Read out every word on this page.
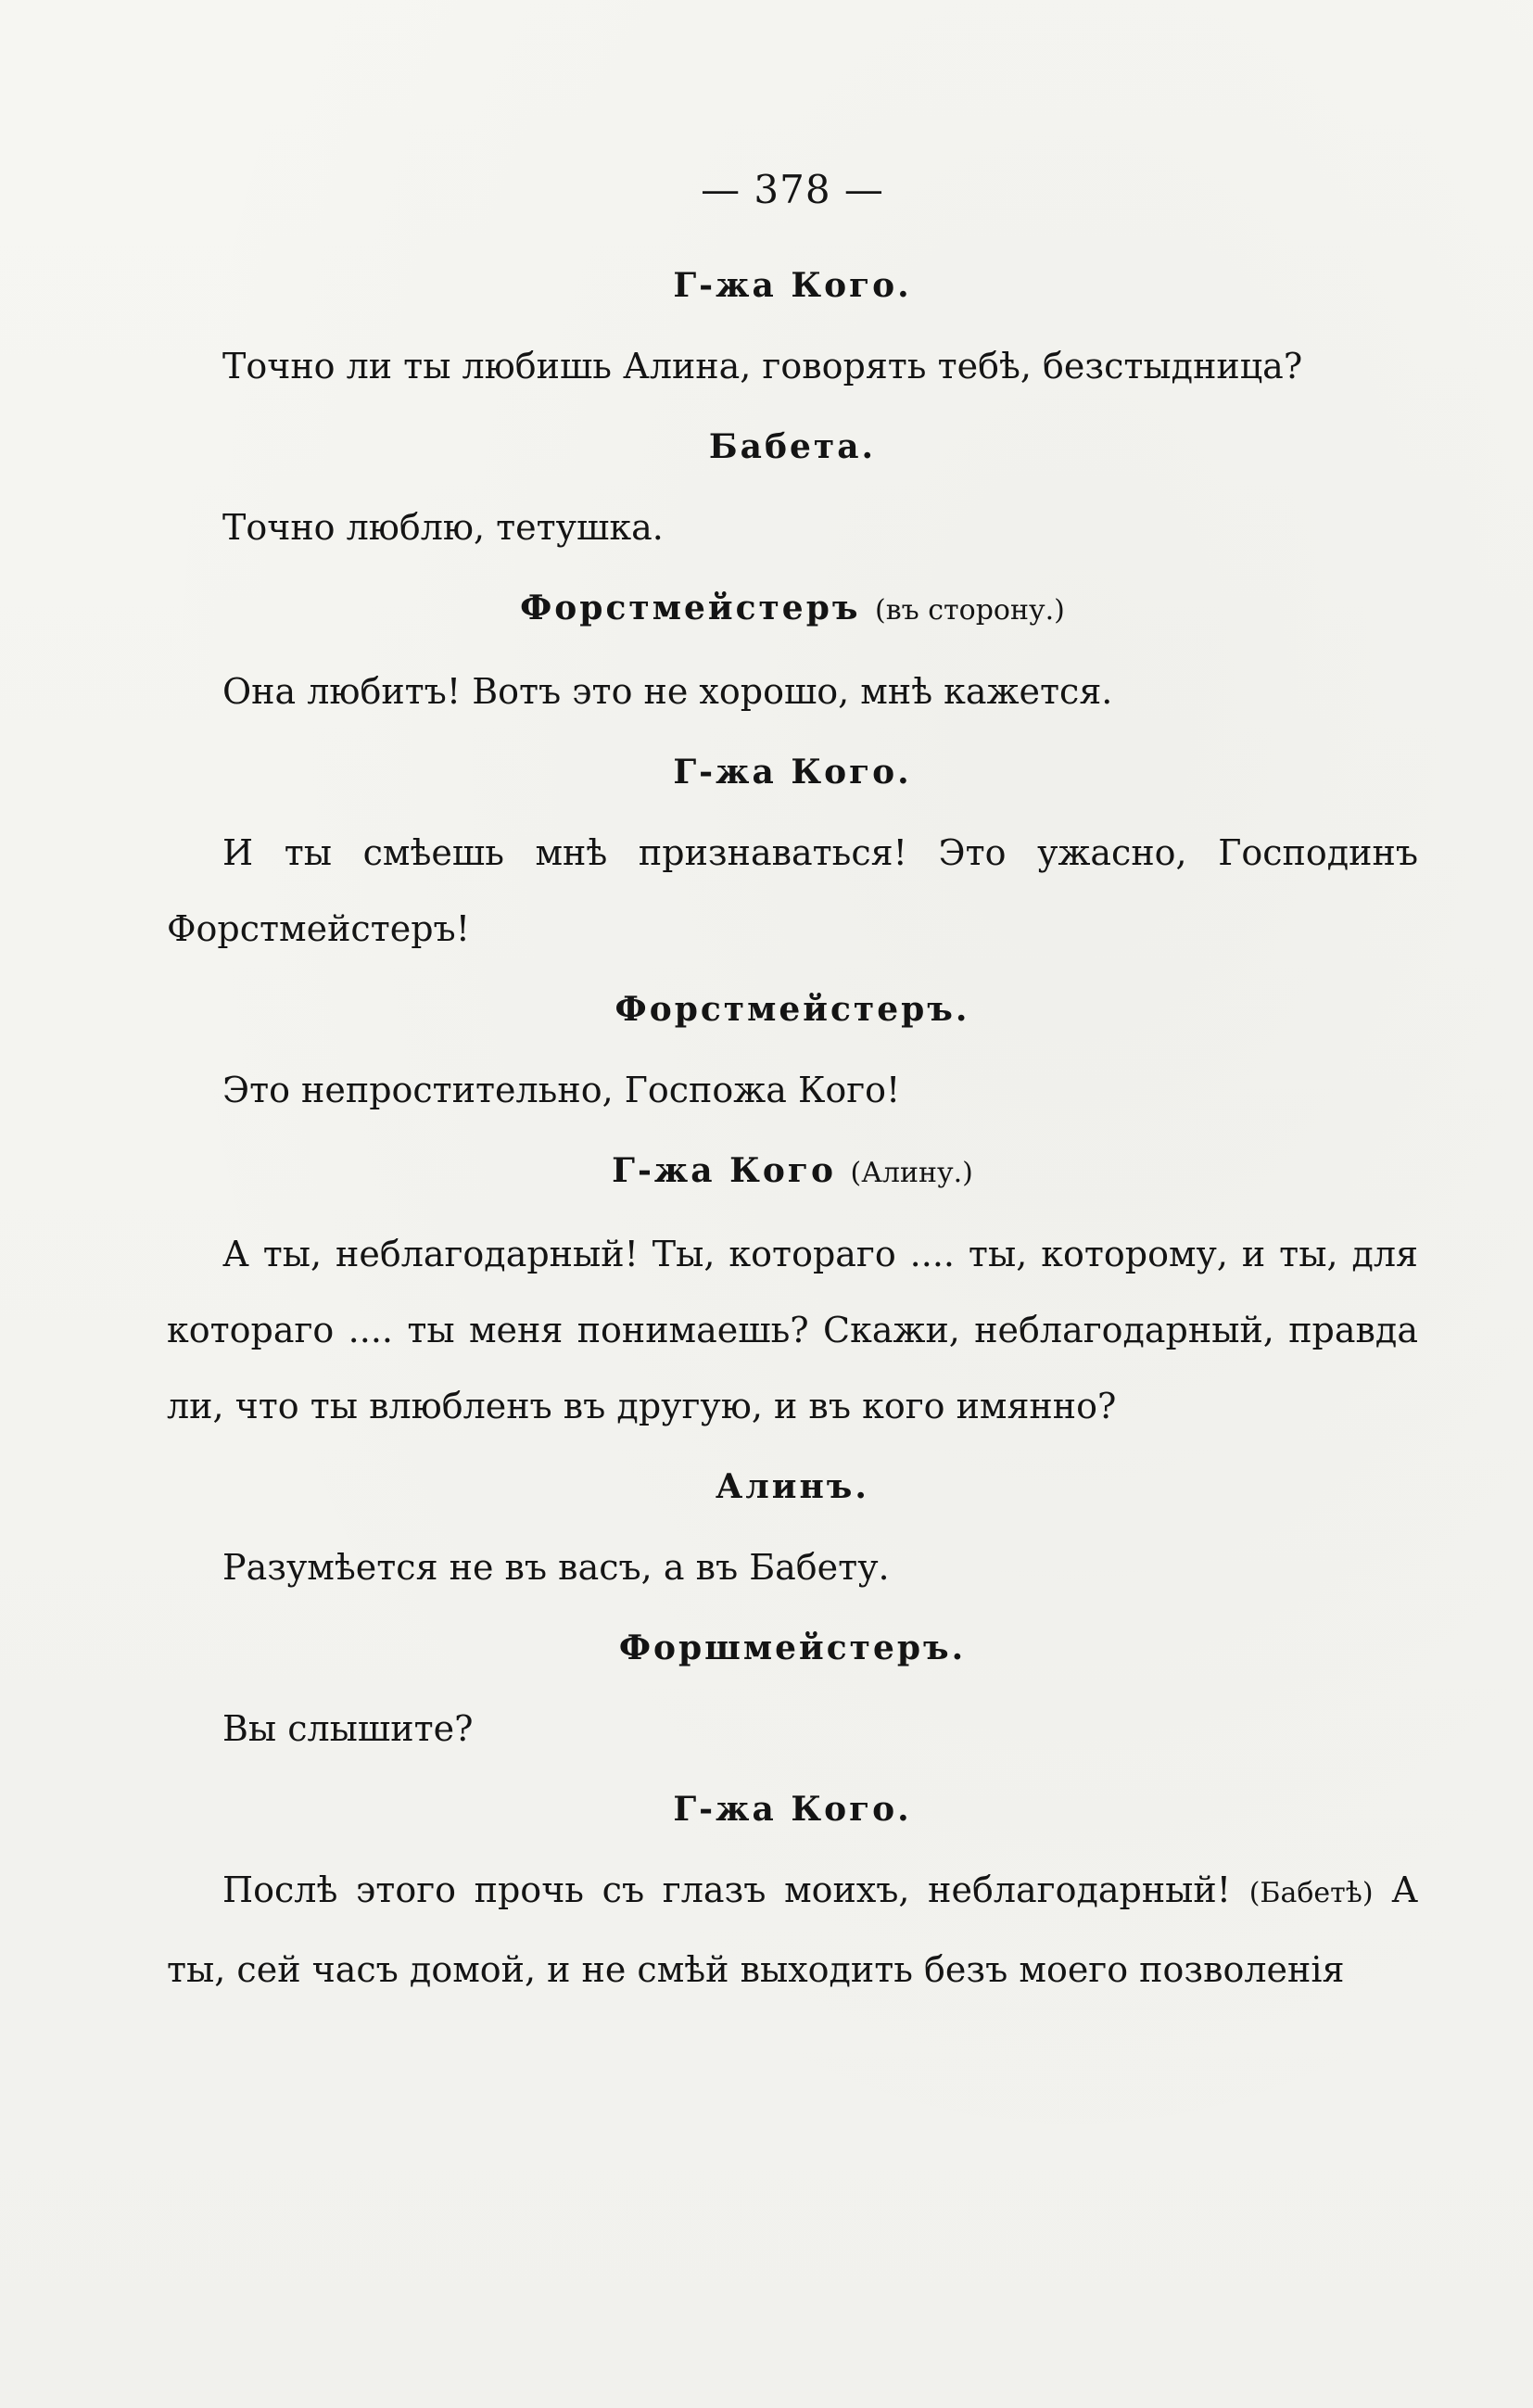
— 378 —
Г-жа Кого.
Точно ли ты любишь Алина, говорять тебѣ, безстыдница?
Бабета.
Точно люблю, тетушка.
Форстмейстеръ (въ сторону.)
Она любитъ! Вотъ это не хорошо, мнѣ кажется.
Г-жа Кого.
И ты смѣешь мнѣ признаваться! Это ужасно, Господинъ Форстмейстеръ!
Форстмейстеръ.
Это непростительно, Госпожа Кого!
Г-жа Кого (Алину.)
А ты, неблагодарный! Ты, котораго .... ты, которому, и ты, для котораго .... ты меня понимаешь? Скажи, неблагодарный, правда ли, что ты влюбленъ въ другую, и въ кого имянно?
Алинъ.
Разумѣется не въ васъ, а въ Бабету.
Форшмейстеръ.
Вы слышите?
Г-жа Кого.
Послѣ этого прочь съ глазъ моихъ, неблагодарный! (Бабетѣ) А ты, сей часъ домой, и не смѣй выходить безъ моего позволенія
